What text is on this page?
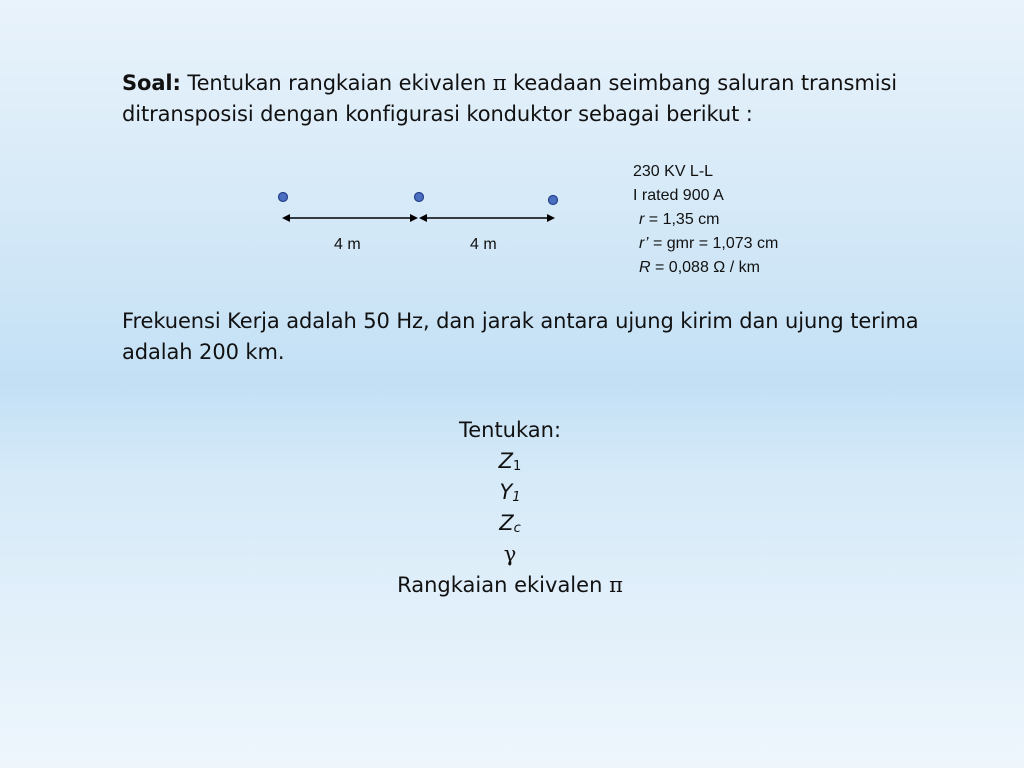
Soal: Tentukan rangkaian ekivalen π keadaan seimbang saluran transmisi ditransposisi dengan konfigurasi konduktor sebagai berikut :
4 m	4 m
230 KV L-L
I rated 900 A
r = 1,35 cm
r’ = gmr = 1,073 cm
R = 0,088 Ω / km
Frekuensi Kerja adalah 50 Hz, dan jarak antara ujung kirim dan ujung terima adalah 200 km.
Tentukan:
$Z_1$
$Y_1$
$Z_c$
γ
Rangkaian ekivalen π
